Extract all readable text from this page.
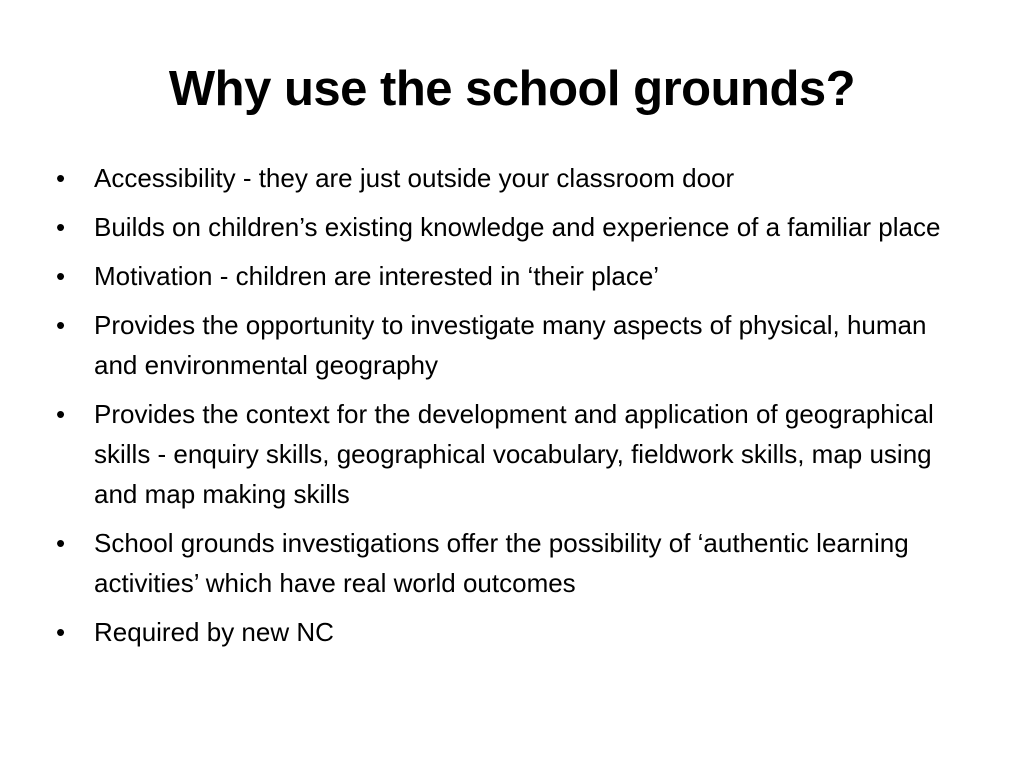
Why use the school grounds?
•	Accessibility - they are just outside your classroom door
•	Builds on children’s existing knowledge and experience of a familiar place
•	Motivation - children are interested in ‘their place’
•	Provides the opportunity to investigate many aspects of physical, human and environmental geography
•	Provides the context for the development and application of geographical skills - enquiry skills, geographical vocabulary, fieldwork skills, map using and map making skills
•	School grounds investigations offer the possibility of ‘authentic learning activities’ which have real world outcomes
•	Required by new NC
